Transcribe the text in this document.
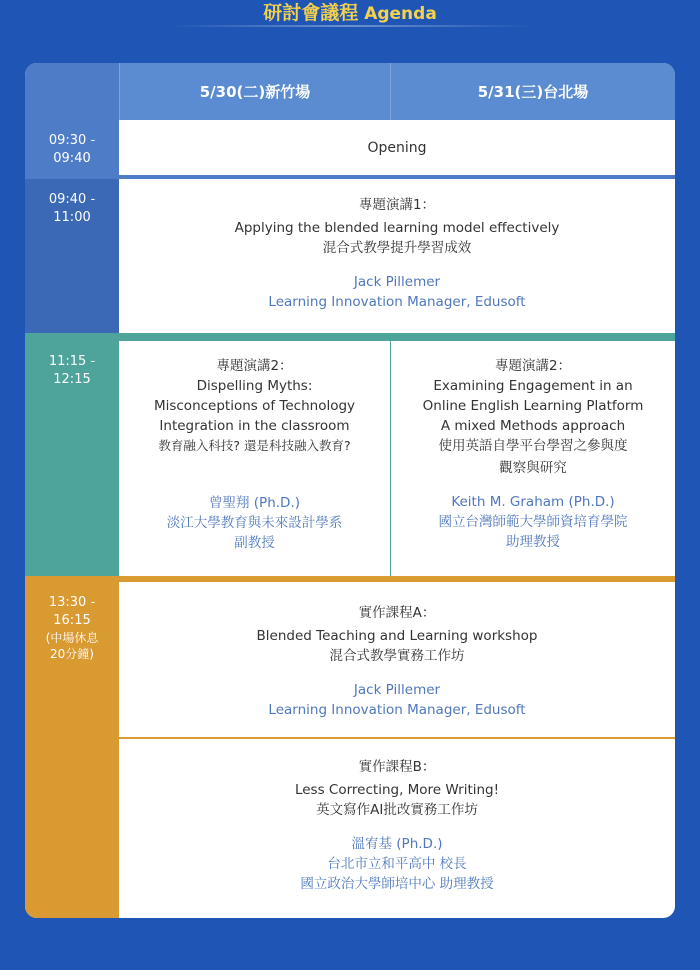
研討會議程 Agenda
5/30(二)新竹場	5/31(三)台北場
09:30 -
09:40
Opening
09:40 -
11:00
專題演講1：
Applying the blended learning model effectively
混合式教學提升學習成效
Jack Pillemer
Learning Innovation Manager, Edusoft
11:15 -
12:15
專題演講2：
Dispelling Myths:
Misconceptions of Technology
Integration in the classroom
教育融入科技? 還是科技融入教育?
曾聖翔 (Ph.D.)
淡江大學教育與未來設計學系
副教授
專題演講2：
Examining Engagement in an
Online English Learning Platform
A mixed Methods approach
使用英語自學平台學習之參與度
觀察與研究
Keith M. Graham (Ph.D.)
國立台灣師範大學師資培育學院
助理教授
13:30 -
16:15
(中場休息
20分鐘)
實作課程A：
Blended Teaching and Learning workshop
混合式教學實務工作坊
Jack Pillemer
Learning Innovation Manager, Edusoft
實作課程B：
Less Correcting, More Writing!
英文寫作AI批改實務工作坊
溫宥基 (Ph.D.)
台北市立和平高中 校長
國立政治大學師培中心 助理教授
